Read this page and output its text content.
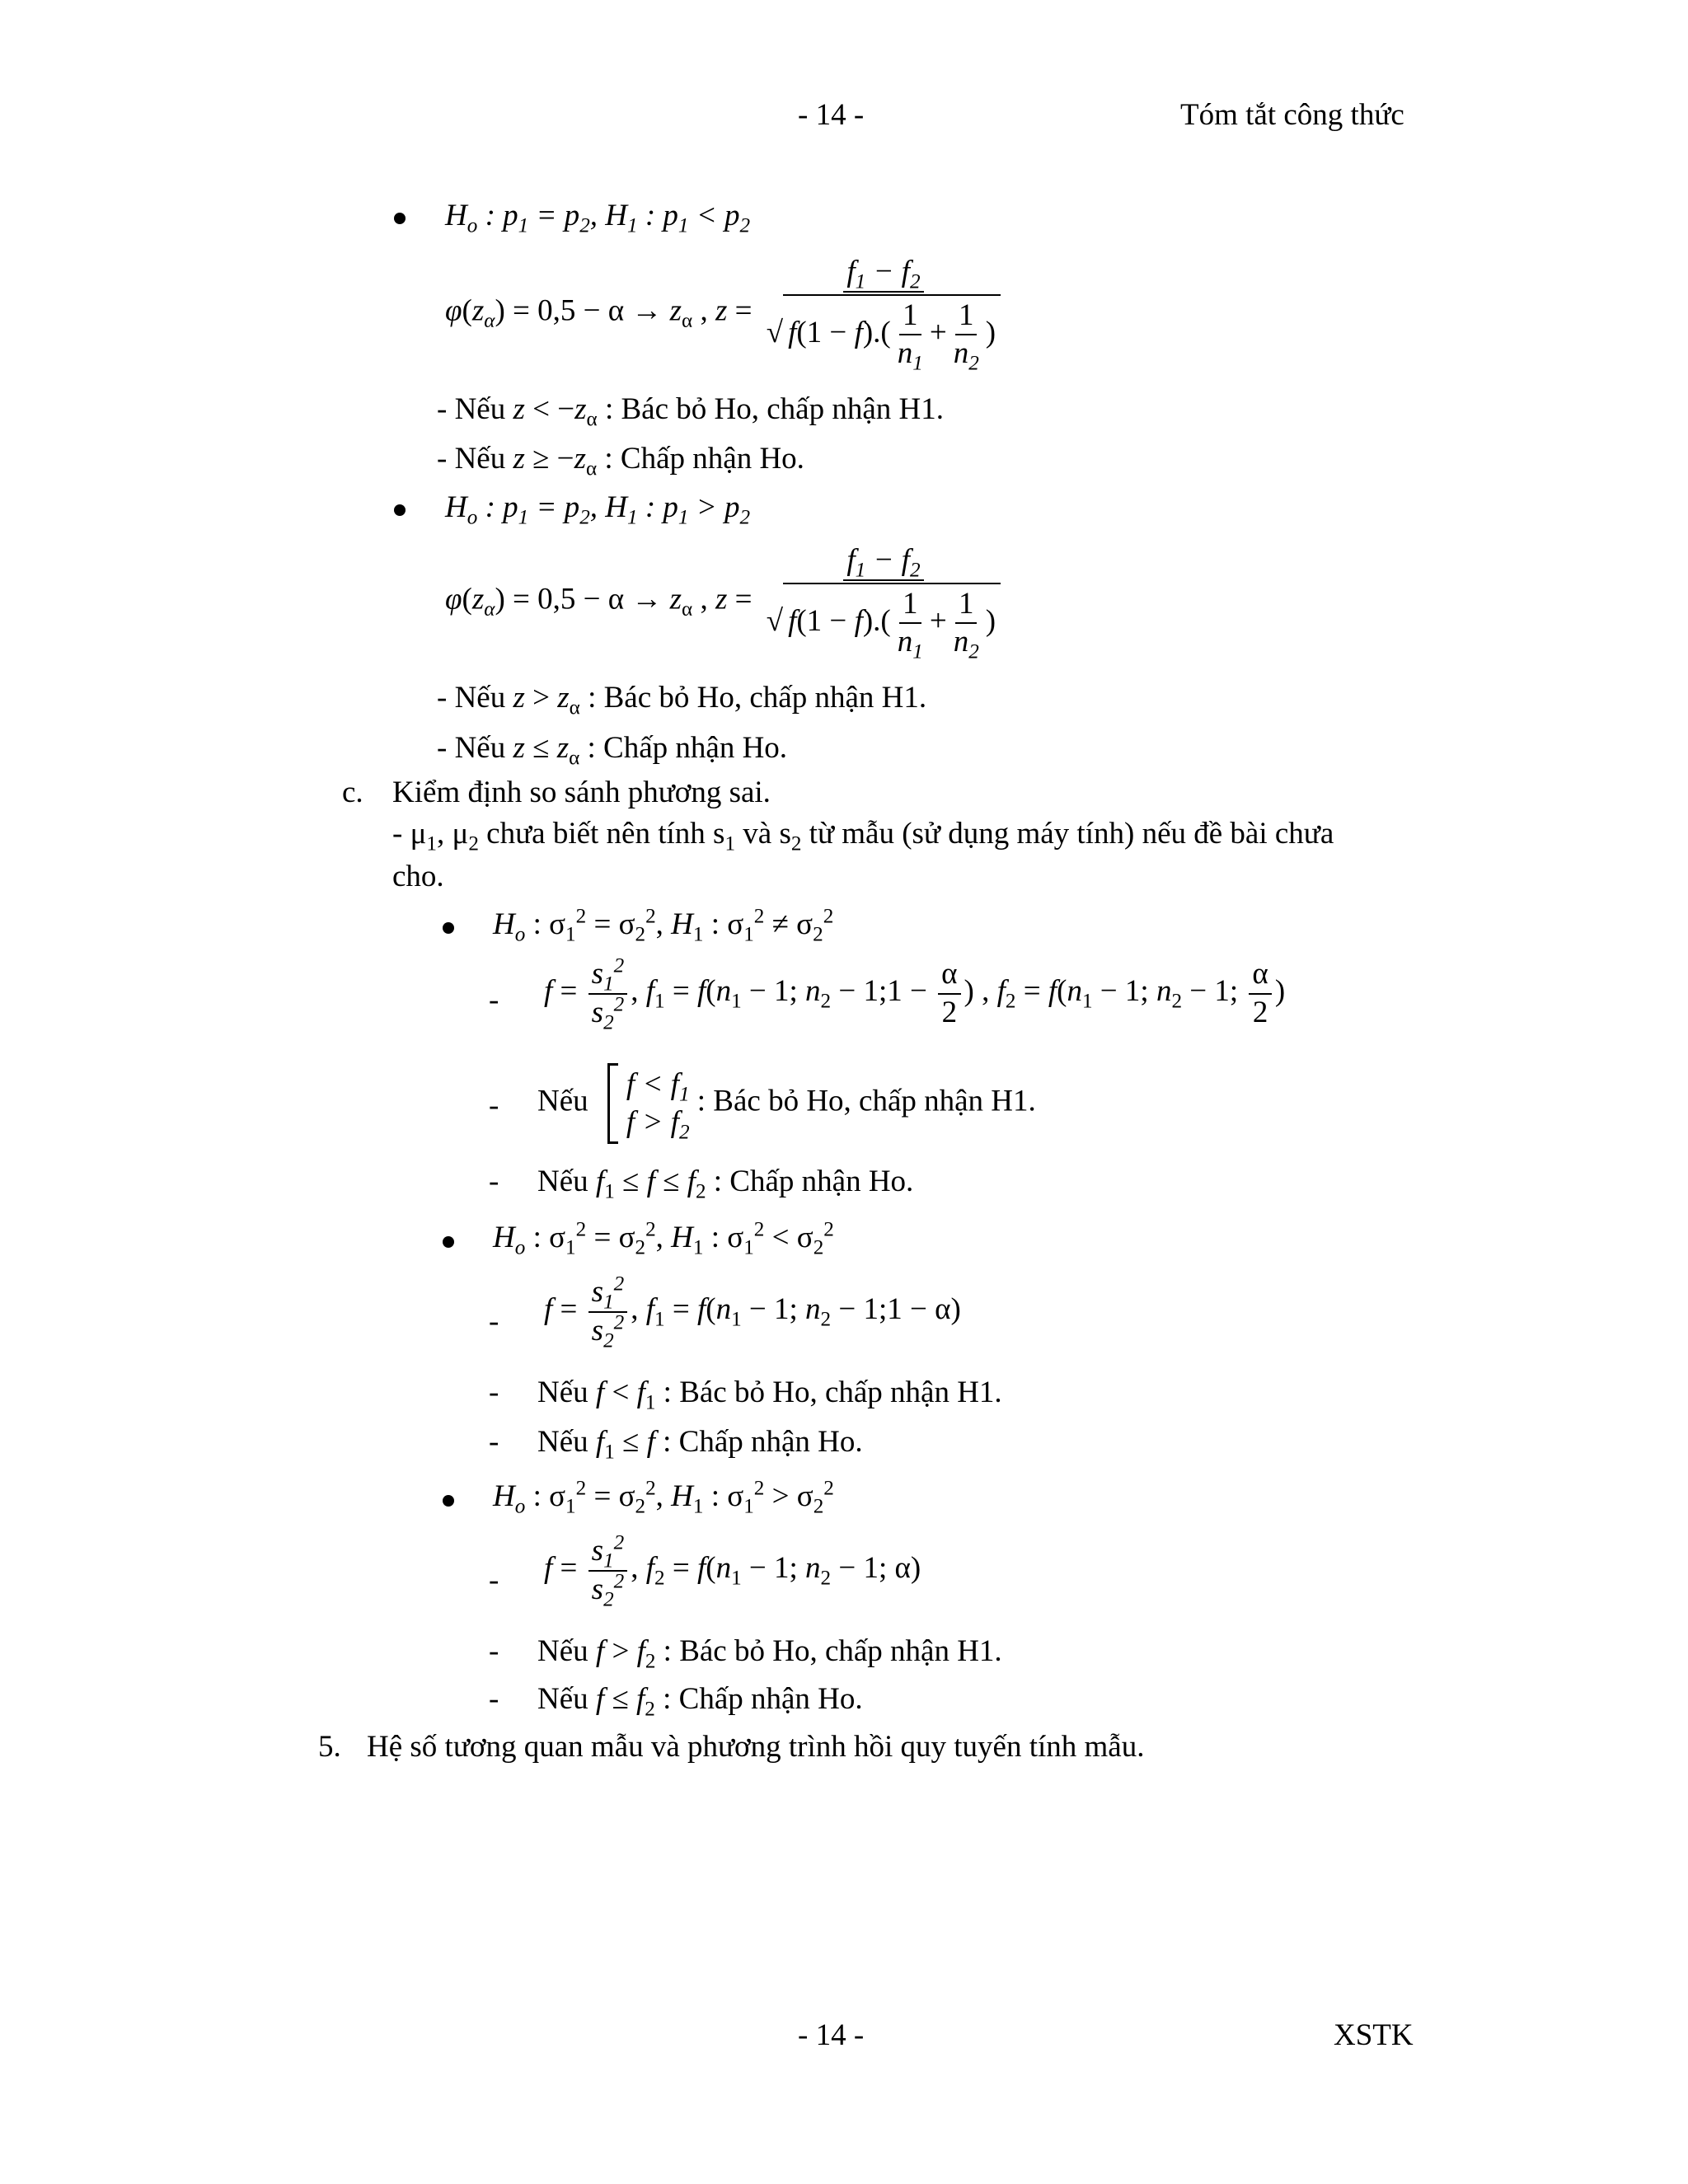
- 14 -	Tóm tắt công thức
$H_o$ : $p_1 = p_2$, $H_1$ : $p_1 < p_2$
$\varphi(z_\alpha) = 0,5 - \alpha \to z_\alpha$ , $z = \frac{f_1 - f_2}{√ f(1 - f).( \frac{1}{n_1} + \frac{1}{n_2} )}$
- Nếu $z < -z_\alpha$ : Bác bỏ Ho, chấp nhận H1.
- Nếu $z \ge -z_\alpha$ : Chấp nhận Ho.
$H_o$ : $p_1 = p_2$, $H_1$ : $p_1 > p_2$
$\varphi(z_\alpha) = 0,5 - \alpha \to z_\alpha$ , $z = \frac{f_1 - f_2}{√ f(1 - f).( \frac{1}{n_1} + \frac{1}{n_2} )}$
- Nếu $z > z_\alpha$ : Bác bỏ Ho, chấp nhận H1.
- Nếu $z \le z_\alpha$ : Chấp nhận Ho.
c. Kiểm định so sánh phương sai.
- $\mu_1$, $\mu_2$ chưa biết nên tính $s_1$ và $s_2$ từ mẫu (sử dụng máy tính) nếu đề bài chưa
cho.
$H_o$ : $\sigma_1^2 = \sigma_2^2$, $H_1$ : $\sigma_1^2 \ne \sigma_2^2$
- $f = \frac{s_1^2}{s_2^2}$ , $f_1 = f(n_1 - 1$; $n_2$ − 1;1 − $\frac{\alpha}{2}$ ) , $f_2 = f(n_1 - 1$; $n_2 - 1$; $\frac{\alpha}{2}$ )
- Nếu
$f < f_1$
$f > f_2$
: Bác bỏ Ho, chấp nhận H1.
- Nếu $f_1 \le f \le f_2$ : Chấp nhận Ho.
$H_o$ : $\sigma_1^2 = \sigma_2^2$, $H_1$ : $\sigma_1^2 < \sigma_2^2$
- $f = \frac{s_1^2}{s_2^2}$ , $f_1 = f(n_1 - 1$; $n_2$ − 1;1 − α)
- Nếu $f < f_1$ : Bác bỏ Ho, chấp nhận H1.
- Nếu $f_1 \le f$ : Chấp nhận Ho.
$H_o$ : $\sigma_1^2 = \sigma_2^2$, $H_1$ : $\sigma_1^2 > \sigma_2^2$
- $f = \frac{s_1^2}{s_2^2}$ , $f_2 = f(n_1 - 1$; $n_2 - 1$; α)
- Nếu $f > f_2$ : Bác bỏ Ho, chấp nhận H1.
- Nếu $f \le f_2$ : Chấp nhận Ho.
5. Hệ số tương quan mẫu và phương trình hồi quy tuyến tính mẫu.
- 14 -	XSTK
